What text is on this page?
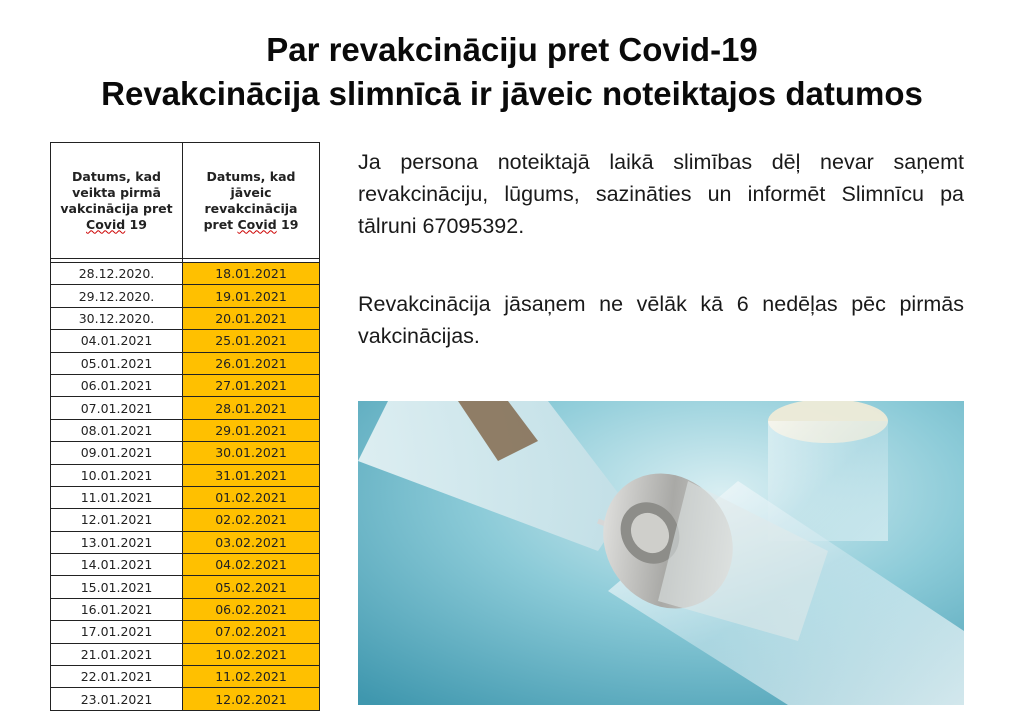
Par revakcināciju pret Covid-19
Revakcinācija slimnīcā ir jāveic noteiktajos datumos
Datums, kad veikta pirmā vakcinācija pret Covid 19	Datums, kad jāveic revakcinācija pret Covid 19

28.12.2020.	18.01.2021
29.12.2020.	19.01.2021
30.12.2020.	20.01.2021
04.01.2021	25.01.2021
05.01.2021	26.01.2021
06.01.2021	27.01.2021
07.01.2021	28.01.2021
08.01.2021	29.01.2021
09.01.2021	30.01.2021
10.01.2021	31.01.2021
11.01.2021	01.02.2021
12.01.2021	02.02.2021
13.01.2021	03.02.2021
14.01.2021	04.02.2021
15.01.2021	05.02.2021
16.01.2021	06.02.2021
17.01.2021	07.02.2021
21.01.2021	10.02.2021
22.01.2021	11.02.2021
23.01.2021	12.02.2021

Ja persona noteiktajā laikā slimības dēļ nevar saņemt revakcināciju, lūgums, sazināties un informēt Slimnīcu pa tālruni 67095392.

Revakcinācija jāsaņem ne vēlāk kā 6 nedēļas pēc pirmās vakcinācijas.
